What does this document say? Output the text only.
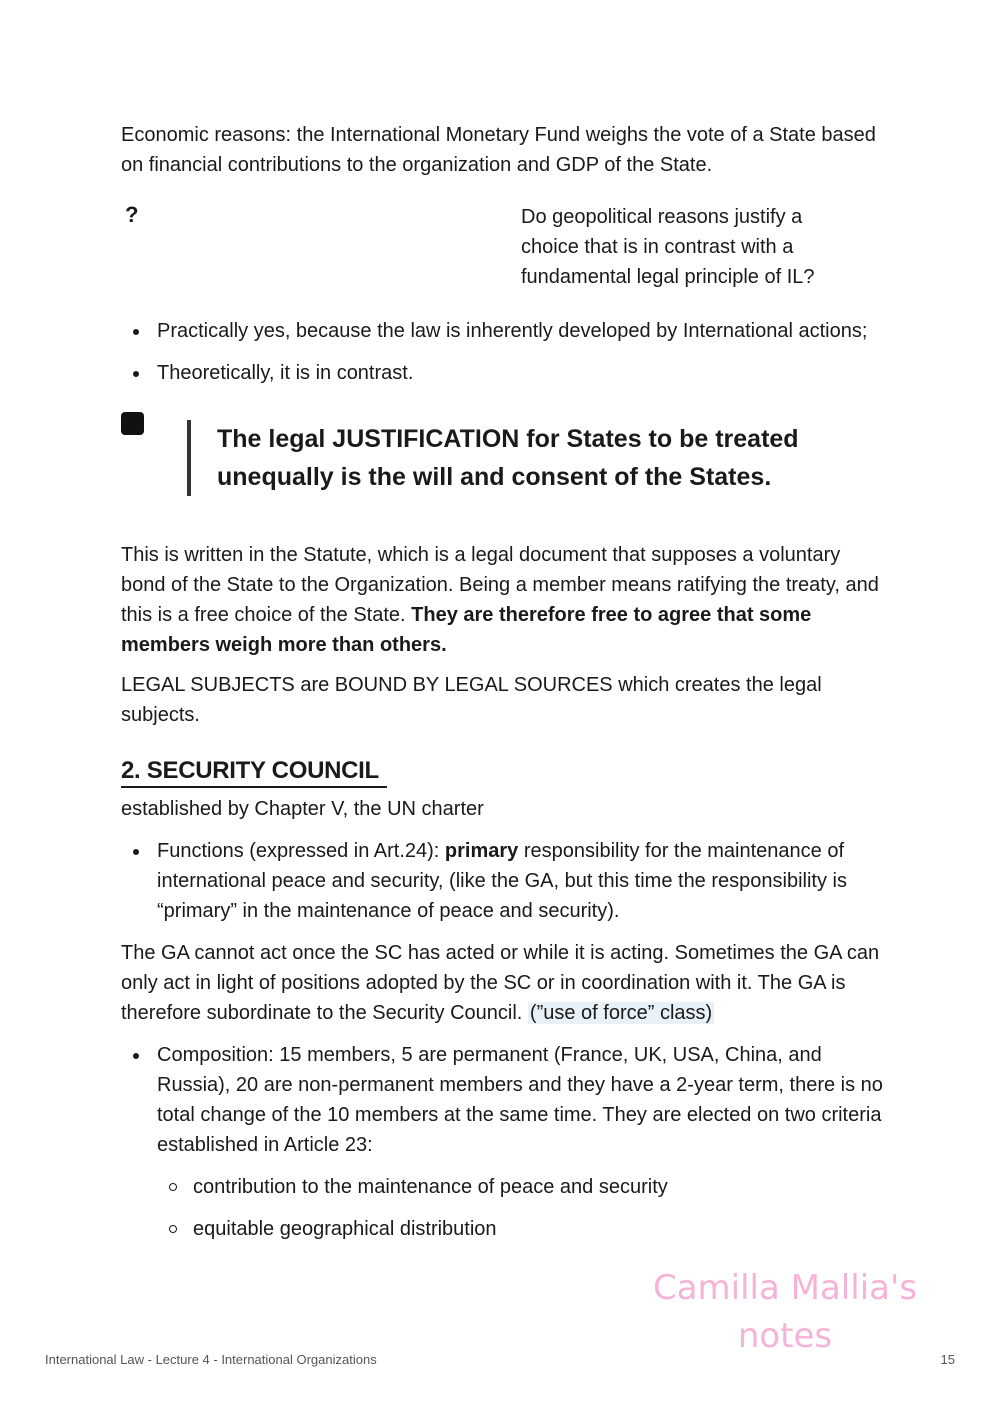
Economic reasons: the International Monetary Fund weighs the vote of a State based on financial contributions to the organization and GDP of the State.

?	Do geopolitical reasons justify a choice that is in contrast with a fundamental legal principle of IL?
Practically yes, because the law is inherently developed by International actions;
Theoretically, it is in contrast.
The legal JUSTIFICATION for States to be treated unequally is the will and consent of the States.

This is written in the Statute, which is a legal document that supposes a voluntary bond of the State to the Organization. Being a member means ratifying the treaty, and this is a free choice of the State. They are therefore free to agree that some members weigh more than others.

LEGAL SUBJECTS are BOUND BY LEGAL SOURCES which creates the legal subjects.

2. SECURITY COUNCIL

established by Chapter V, the UN charter

Functions (expressed in Art.24): primary responsibility for the maintenance of international peace and security, (like the GA, but this time the responsibility is “primary” in the maintenance of peace and security).

The GA cannot act once the SC has acted or while it is acting. Sometimes the GA can only act in light of positions adopted by the SC or in coordination with it. The GA is therefore subordinate to the Security Council. (”use of force” class)

Composition: 15 members, 5 are permanent (France, UK, USA, China, and Russia), 20 are non-permanent members and they have a 2-year term, there is no total change of the 10 members at the same time. They are elected on two criteria established in Article 23:
contribution to the maintenance of peace and security
equitable geographical distribution
Camilla Mallia's notes
International Law - Lecture 4 - International Organizations	15
